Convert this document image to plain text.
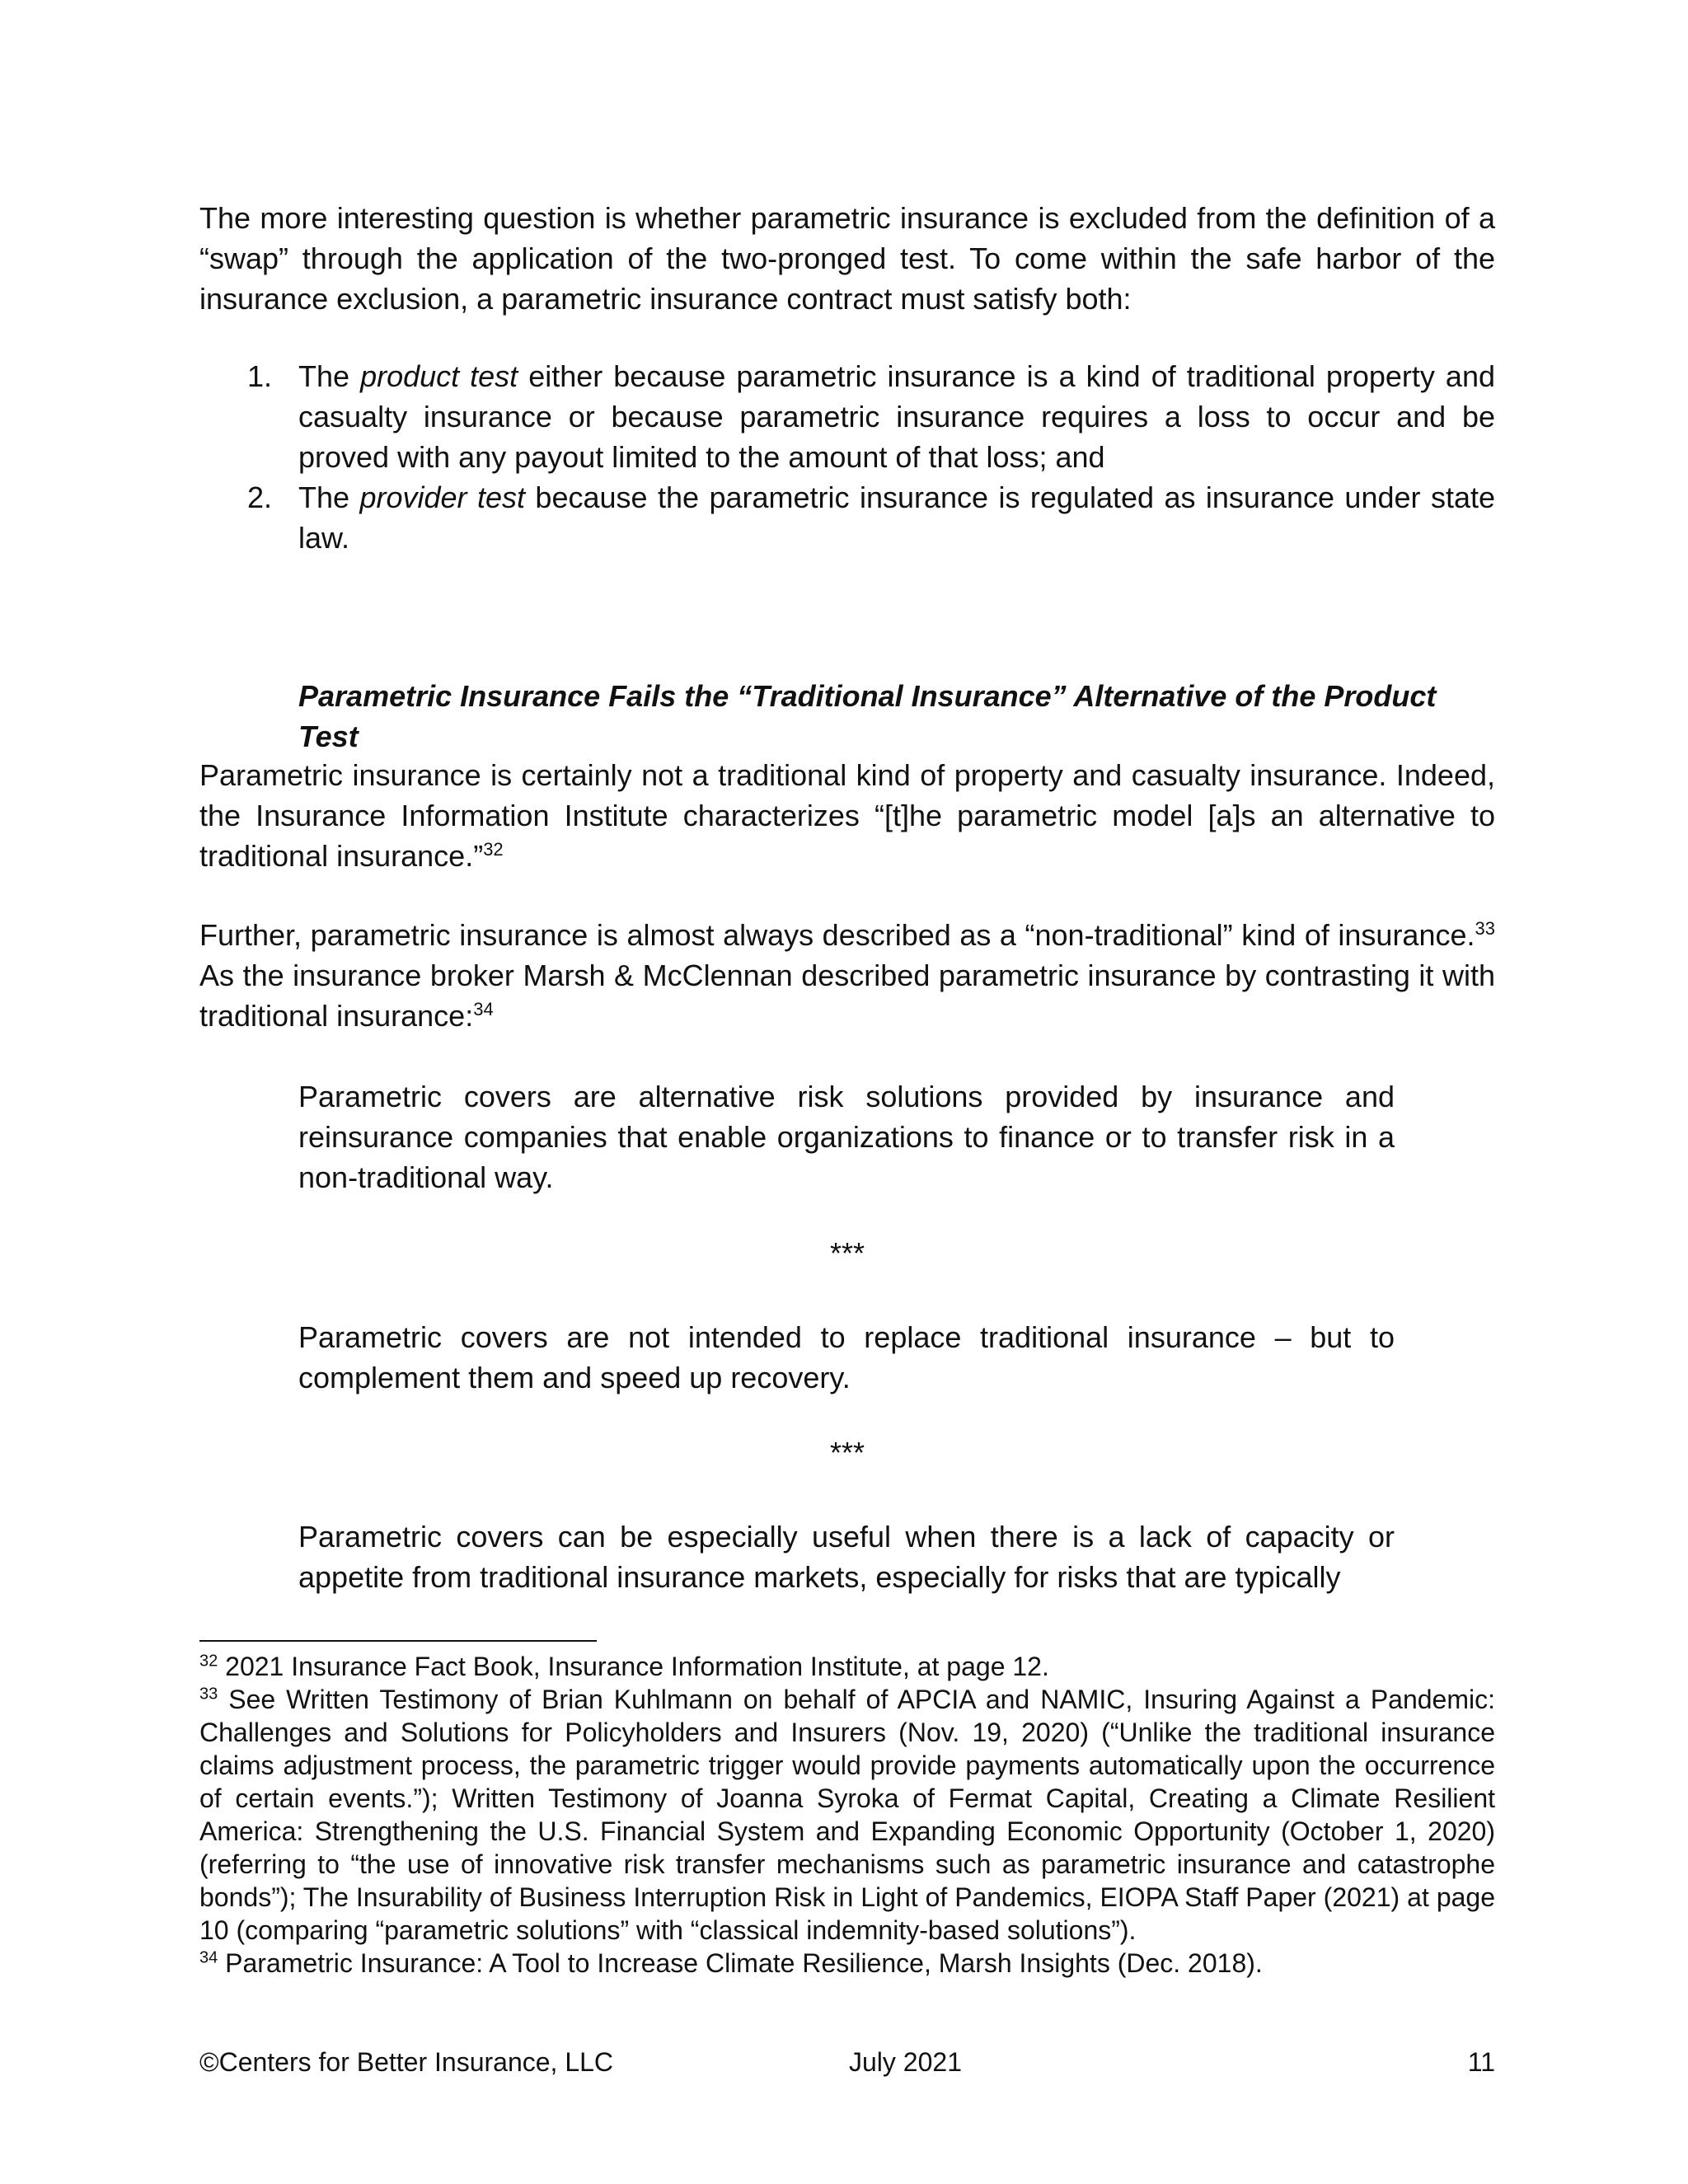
The more interesting question is whether parametric insurance is excluded from the definition of a “swap” through the application of the two-pronged test. To come within the safe harbor of the insurance exclusion, a parametric insurance contract must satisfy both:

1. The product test either because parametric insurance is a kind of traditional property and casualty insurance or because parametric insurance requires a loss to occur and be proved with any payout limited to the amount of that loss; and
2. The provider test because the parametric insurance is regulated as insurance under state law.
Parametric Insurance Fails the “Traditional Insurance” Alternative of the Product Test

Parametric insurance is certainly not a traditional kind of property and casualty insurance. Indeed, the Insurance Information Institute characterizes “[t]he parametric model [a]s an alternative to traditional insurance.”$^{32}$

Further, parametric insurance is almost always described as a “non-traditional” kind of insurance.$^{33}$ As the insurance broker Marsh & McClennan described parametric insurance by contrasting it with traditional insurance:$^{34}$

Parametric covers are alternative risk solutions provided by insurance and reinsurance companies that enable organizations to finance or to transfer risk in a non-traditional way.

***

Parametric covers are not intended to replace traditional insurance – but to complement them and speed up recovery.

***

Parametric covers can be especially useful when there is a lack of capacity or appetite from traditional insurance markets, especially for risks that are typically

$^{32}$ 2021 Insurance Fact Book, Insurance Information Institute, at page 12.

$^{33}$ See Written Testimony of Brian Kuhlmann on behalf of APCIA and NAMIC, Insuring Against a Pandemic: Challenges and Solutions for Policyholders and Insurers (Nov. 19, 2020) (“Unlike the traditional insurance claims adjustment process, the parametric trigger would provide payments automatically upon the occurrence of certain events.”); Written Testimony of Joanna Syroka of Fermat Capital, Creating a Climate Resilient America: Strengthening the U.S. Financial System and Expanding Economic Opportunity (October 1, 2020) (referring to “the use of innovative risk transfer mechanisms such as parametric insurance and catastrophe bonds”); The Insurability of Business Interruption Risk in Light of Pandemics, EIOPA Staff Paper (2021) at page 10 (comparing “parametric solutions” with “classical indemnity-based solutions”).

$^{34}$ Parametric Insurance: A Tool to Increase Climate Resilience, Marsh Insights (Dec. 2018).

©Centers for Better Insurance, LLC	July 2021	11
